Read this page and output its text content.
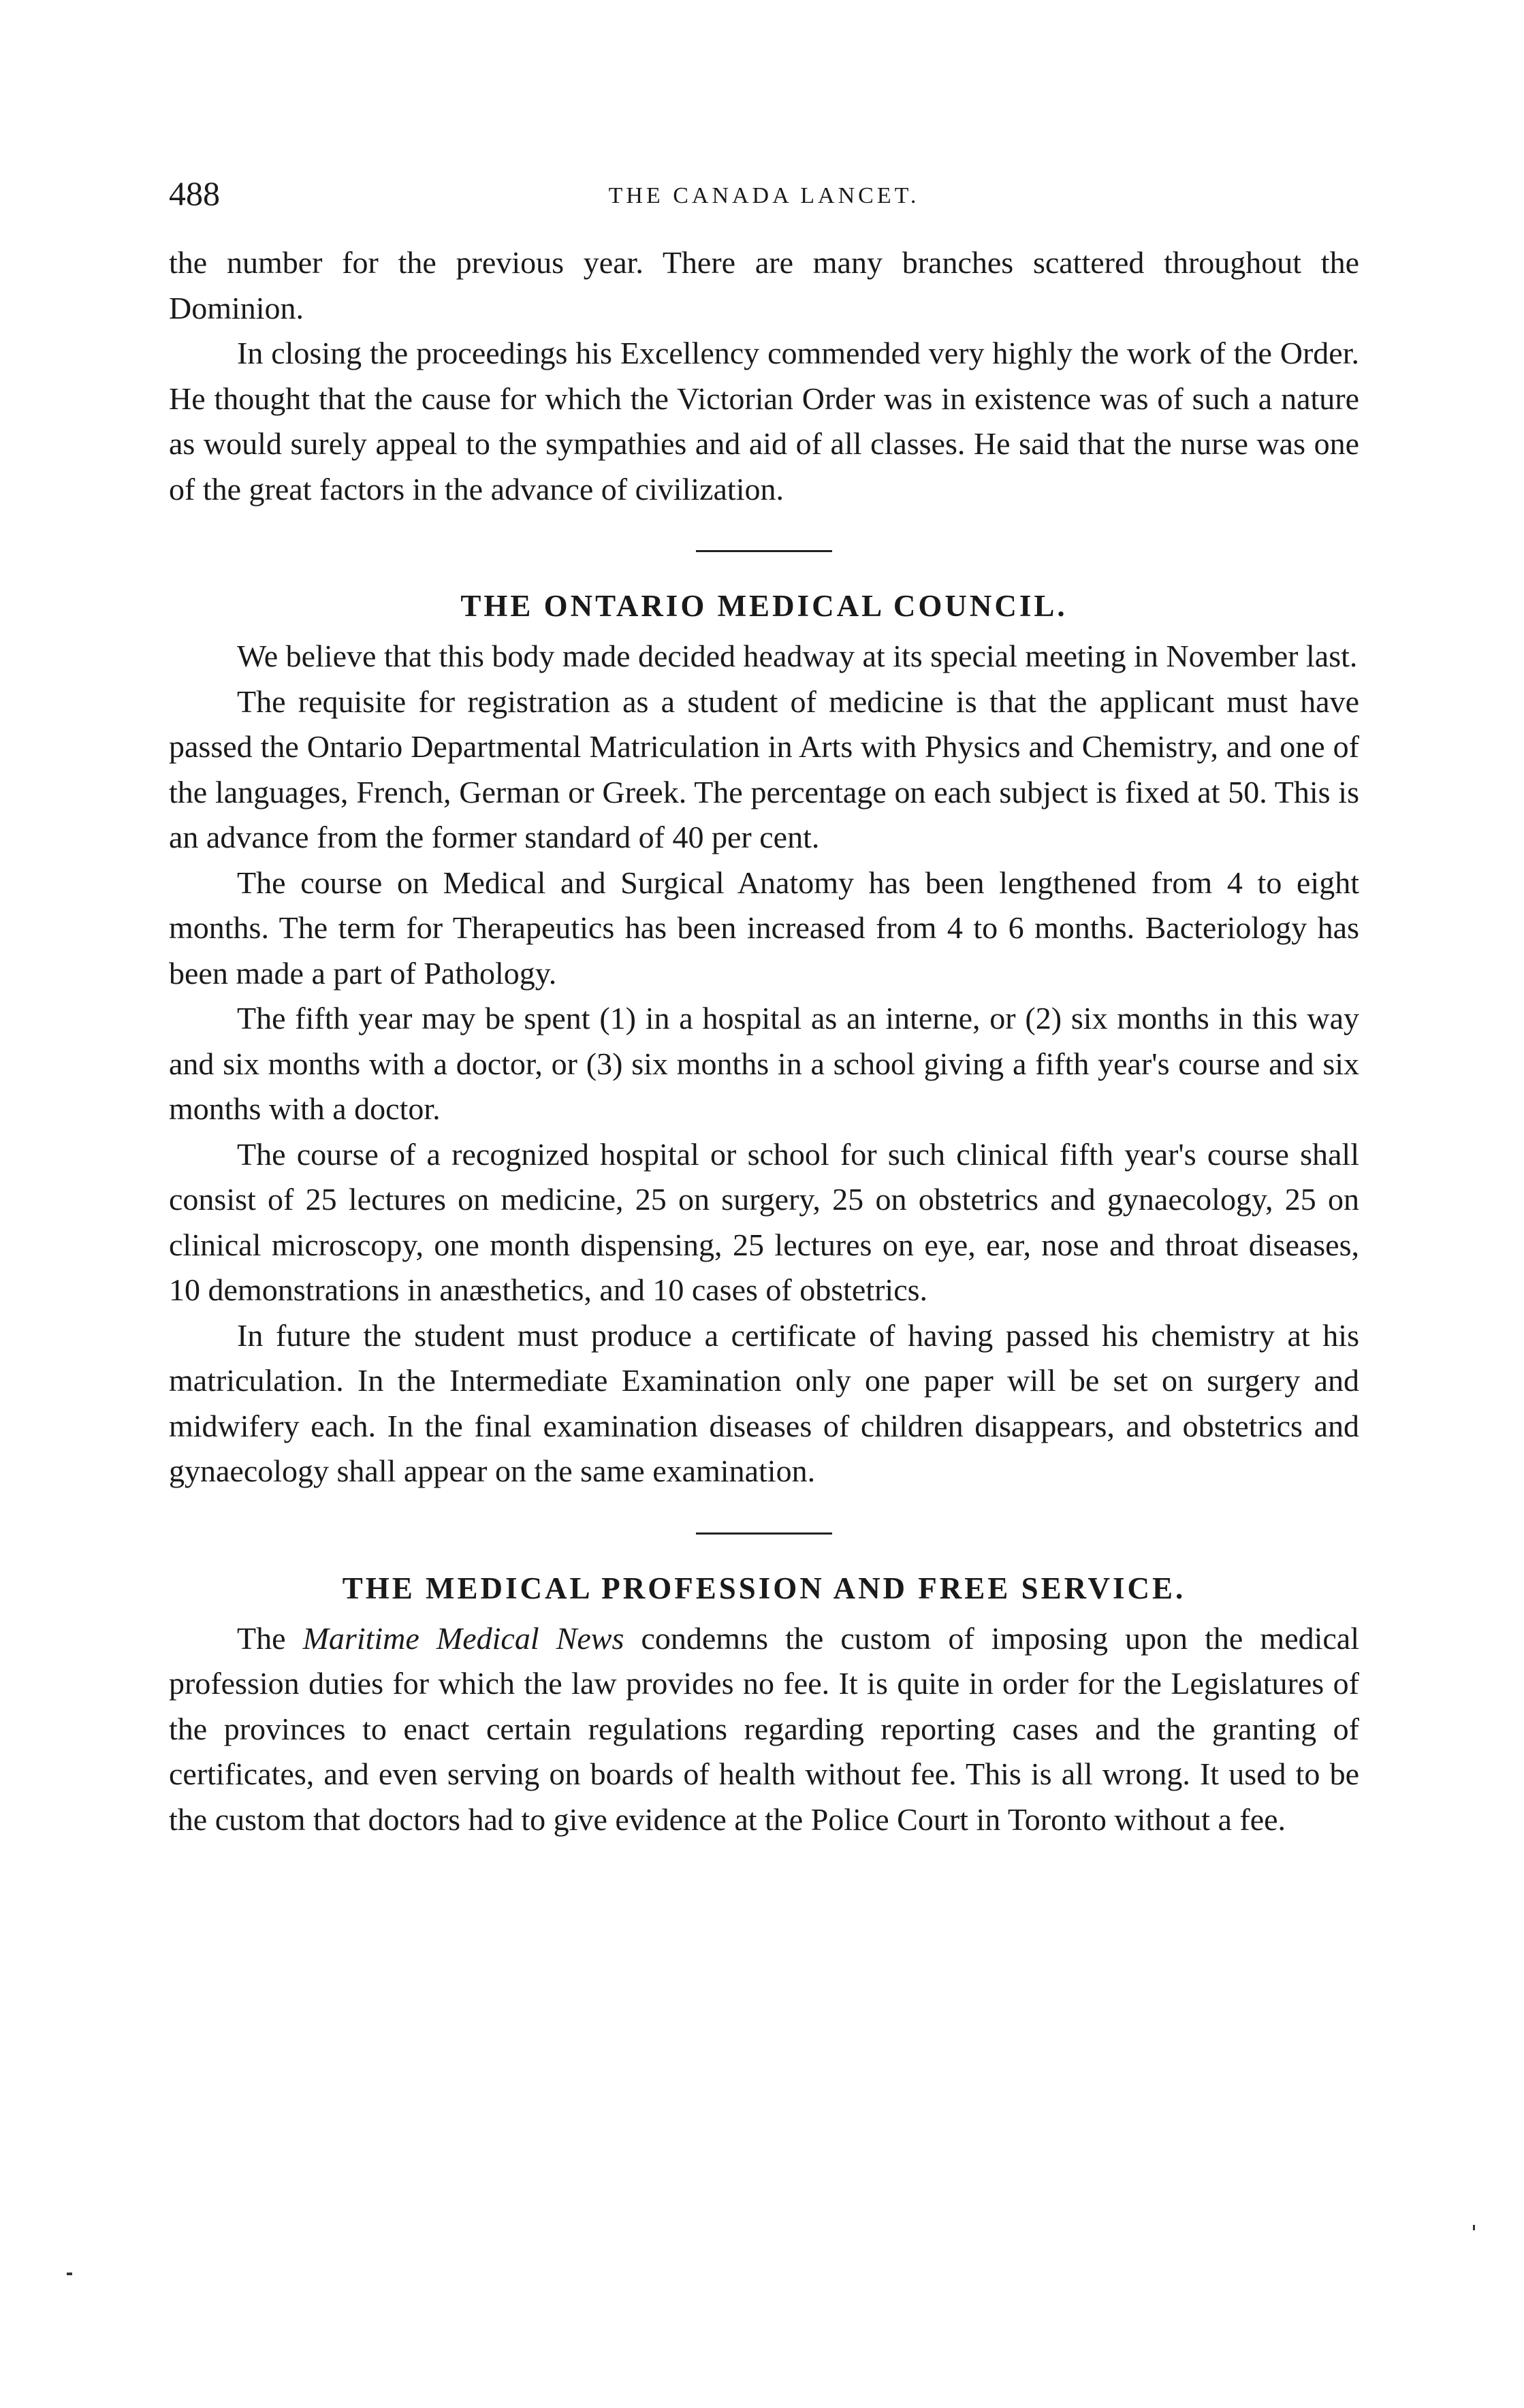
488	THE CANADA LANCET.

the number for the previous year. There are many branches scattered throughout the Dominion.

In closing the proceedings his Excellency commended very highly the work of the Order. He thought that the cause for which the Victorian Order was in existence was of such a nature as would surely appeal to the sympathies and aid of all classes. He said that the nurse was one of the great factors in the advance of civilization.

THE ONTARIO MEDICAL COUNCIL.

We believe that this body made decided headway at its special meeting in November last.

The requisite for registration as a student of medicine is that the applicant must have passed the Ontario Departmental Matriculation in Arts with Physics and Chemistry, and one of the languages, French, German or Greek. The percentage on each subject is fixed at 50. This is an advance from the former standard of 40 per cent.

The course on Medical and Surgical Anatomy has been lengthened from 4 to eight months. The term for Therapeutics has been increased from 4 to 6 months. Bacteriology has been made a part of Pathology.

The fifth year may be spent (1) in a hospital as an interne, or (2) six months in this way and six months with a doctor, or (3) six months in a school giving a fifth year's course and six months with a doctor.

The course of a recognized hospital or school for such clinical fifth year's course shall consist of 25 lectures on medicine, 25 on surgery, 25 on obstetrics and gynaecology, 25 on clinical microscopy, one month dispensing, 25 lectures on eye, ear, nose and throat diseases, 10 demonstrations in anæsthetics, and 10 cases of obstetrics.

In future the student must produce a certificate of having passed his chemistry at his matriculation. In the Intermediate Examination only one paper will be set on surgery and midwifery each. In the final examination diseases of children disappears, and obstetrics and gynaecology shall appear on the same examination.

THE MEDICAL PROFESSION AND FREE SERVICE.

The Maritime Medical News condemns the custom of imposing upon the medical profession duties for which the law provides no fee. It is quite in order for the Legislatures of the provinces to enact certain regulations regarding reporting cases and the granting of certificates, and even serving on boards of health without fee. This is all wrong. It used to be the custom that doctors had to give evidence at the Police Court in Toronto without a fee.
